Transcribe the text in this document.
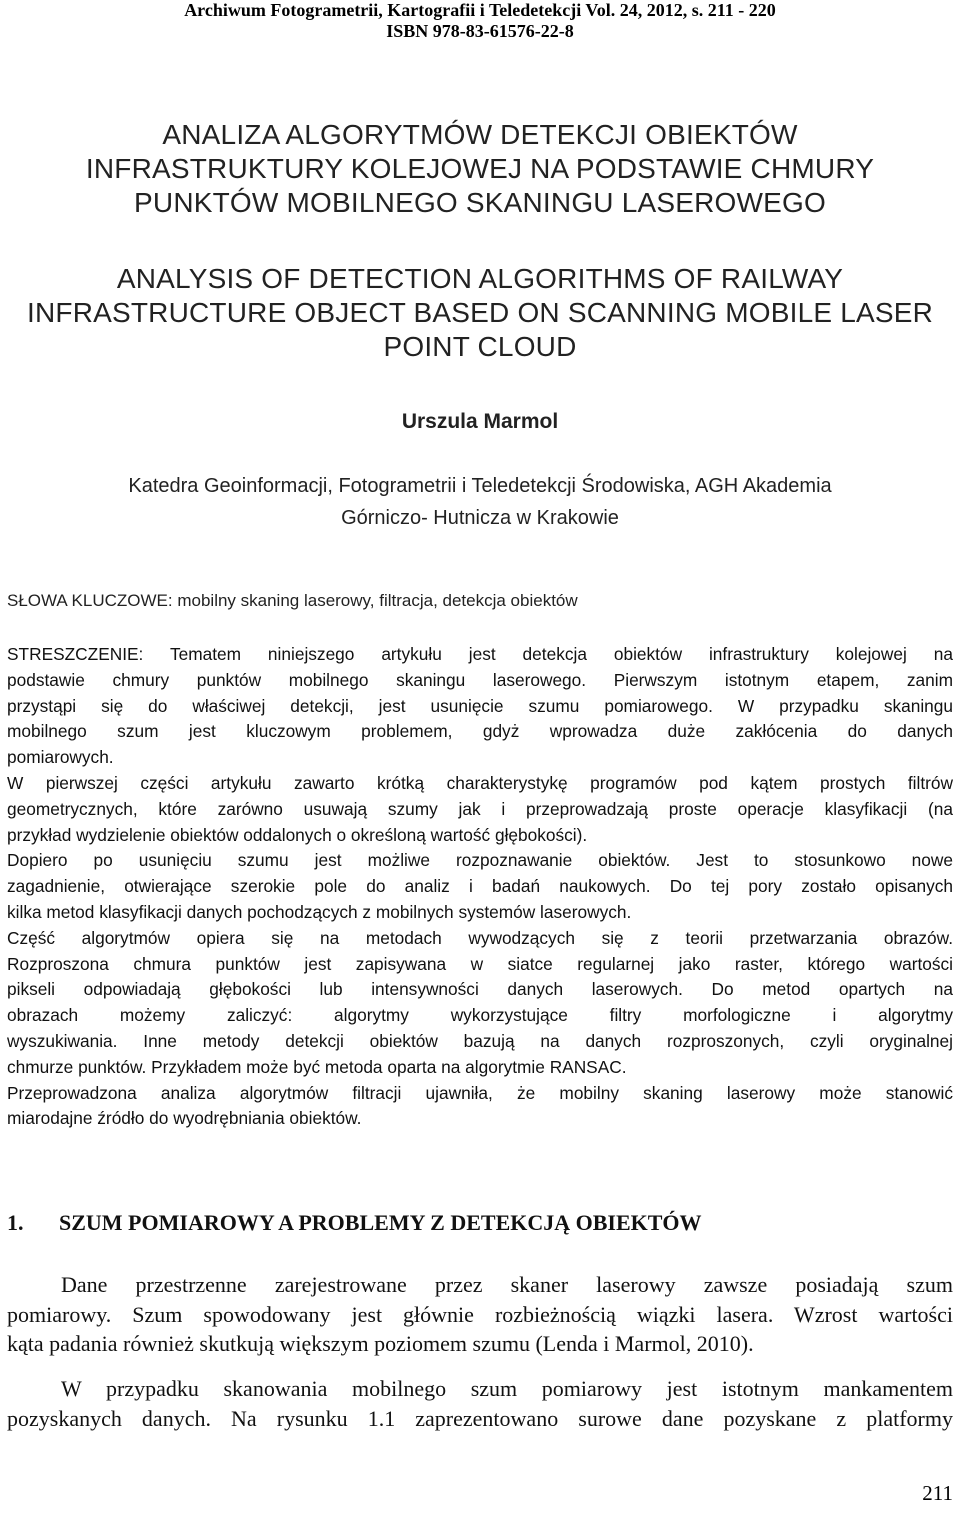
Archiwum Fotogrametrii, Kartografii i Teledetekcji Vol. 24, 2012, s. 211 - 220
ISBN 978-83-61576-22-8
ANALIZA ALGORYTMÓW DETEKCJI OBIEKTÓW
INFRASTRUKTURY KOLEJOWEJ NA PODSTAWIE CHMURY
PUNKTÓW MOBILNEGO SKANINGU LASEROWEGO
ANALYSIS OF DETECTION ALGORITHMS OF RAILWAY
INFRASTRUCTURE OBJECT BASED ON SCANNING MOBILE LASER
POINT CLOUD
Urszula Marmol
Katedra Geoinformacji, Fotogrametrii i Teledetekcji Środowiska, AGH Akademia
Górniczo- Hutnicza w Krakowie
SŁOWA KLUCZOWE: mobilny skaning laserowy, filtracja, detekcja obiektów
STRESZCZENIE: Tematem niniejszego artykułu jest detekcja obiektów infrastruktury kolejowej na
podstawie chmury punktów mobilnego skaningu laserowego. Pierwszym istotnym etapem, zanim
przystąpi się do właściwej detekcji, jest usunięcie szumu pomiarowego. W przypadku skaningu
mobilnego szum jest kluczowym problemem, gdyż wprowadza duże zakłócenia do danych
pomiarowych.
W pierwszej części artykułu zawarto krótką charakterystykę programów pod kątem prostych filtrów
geometrycznych, które zarówno usuwają szumy jak i przeprowadzają proste operacje klasyfikacji (na
przykład wydzielenie obiektów oddalonych o określoną wartość głębokości).
Dopiero po usunięciu szumu jest możliwe rozpoznawanie obiektów. Jest to stosunkowo nowe
zagadnienie, otwierające szerokie pole do analiz i badań naukowych. Do tej pory zostało opisanych
kilka metod klasyfikacji danych pochodzących z mobilnych systemów laserowych.
Część algorytmów opiera się na metodach wywodzących się z teorii przetwarzania obrazów.
Rozproszona chmura punktów jest zapisywana w siatce regularnej jako raster, którego wartości
pikseli odpowiadają głębokości lub intensywności danych laserowych. Do metod opartych na
obrazach możemy zaliczyć: algorytmy wykorzystujące filtry morfologiczne i algorytmy
wyszukiwania. Inne metody detekcji obiektów bazują na danych rozproszonych, czyli oryginalnej
chmurze punktów. Przykładem może być metoda oparta na algorytmie RANSAC.
Przeprowadzona analiza algorytmów filtracji ujawniła, że mobilny skaning laserowy może stanowić
miarodajne źródło do wyodrębniania obiektów.
1. SZUM POMIAROWY A PROBLEMY Z DETEKCJĄ OBIEKTÓW
Dane przestrzenne zarejestrowane przez skaner laserowy zawsze posiadają szum
pomiarowy. Szum spowodowany jest głównie rozbieżnością wiązki lasera. Wzrost wartości
kąta padania również skutkują większym poziomem szumu (Lenda i Marmol, 2010).
W przypadku skanowania mobilnego szum pomiarowy jest istotnym mankamentem
pozyskanych danych. Na rysunku 1.1 zaprezentowano surowe dane pozyskane z platformy
211
